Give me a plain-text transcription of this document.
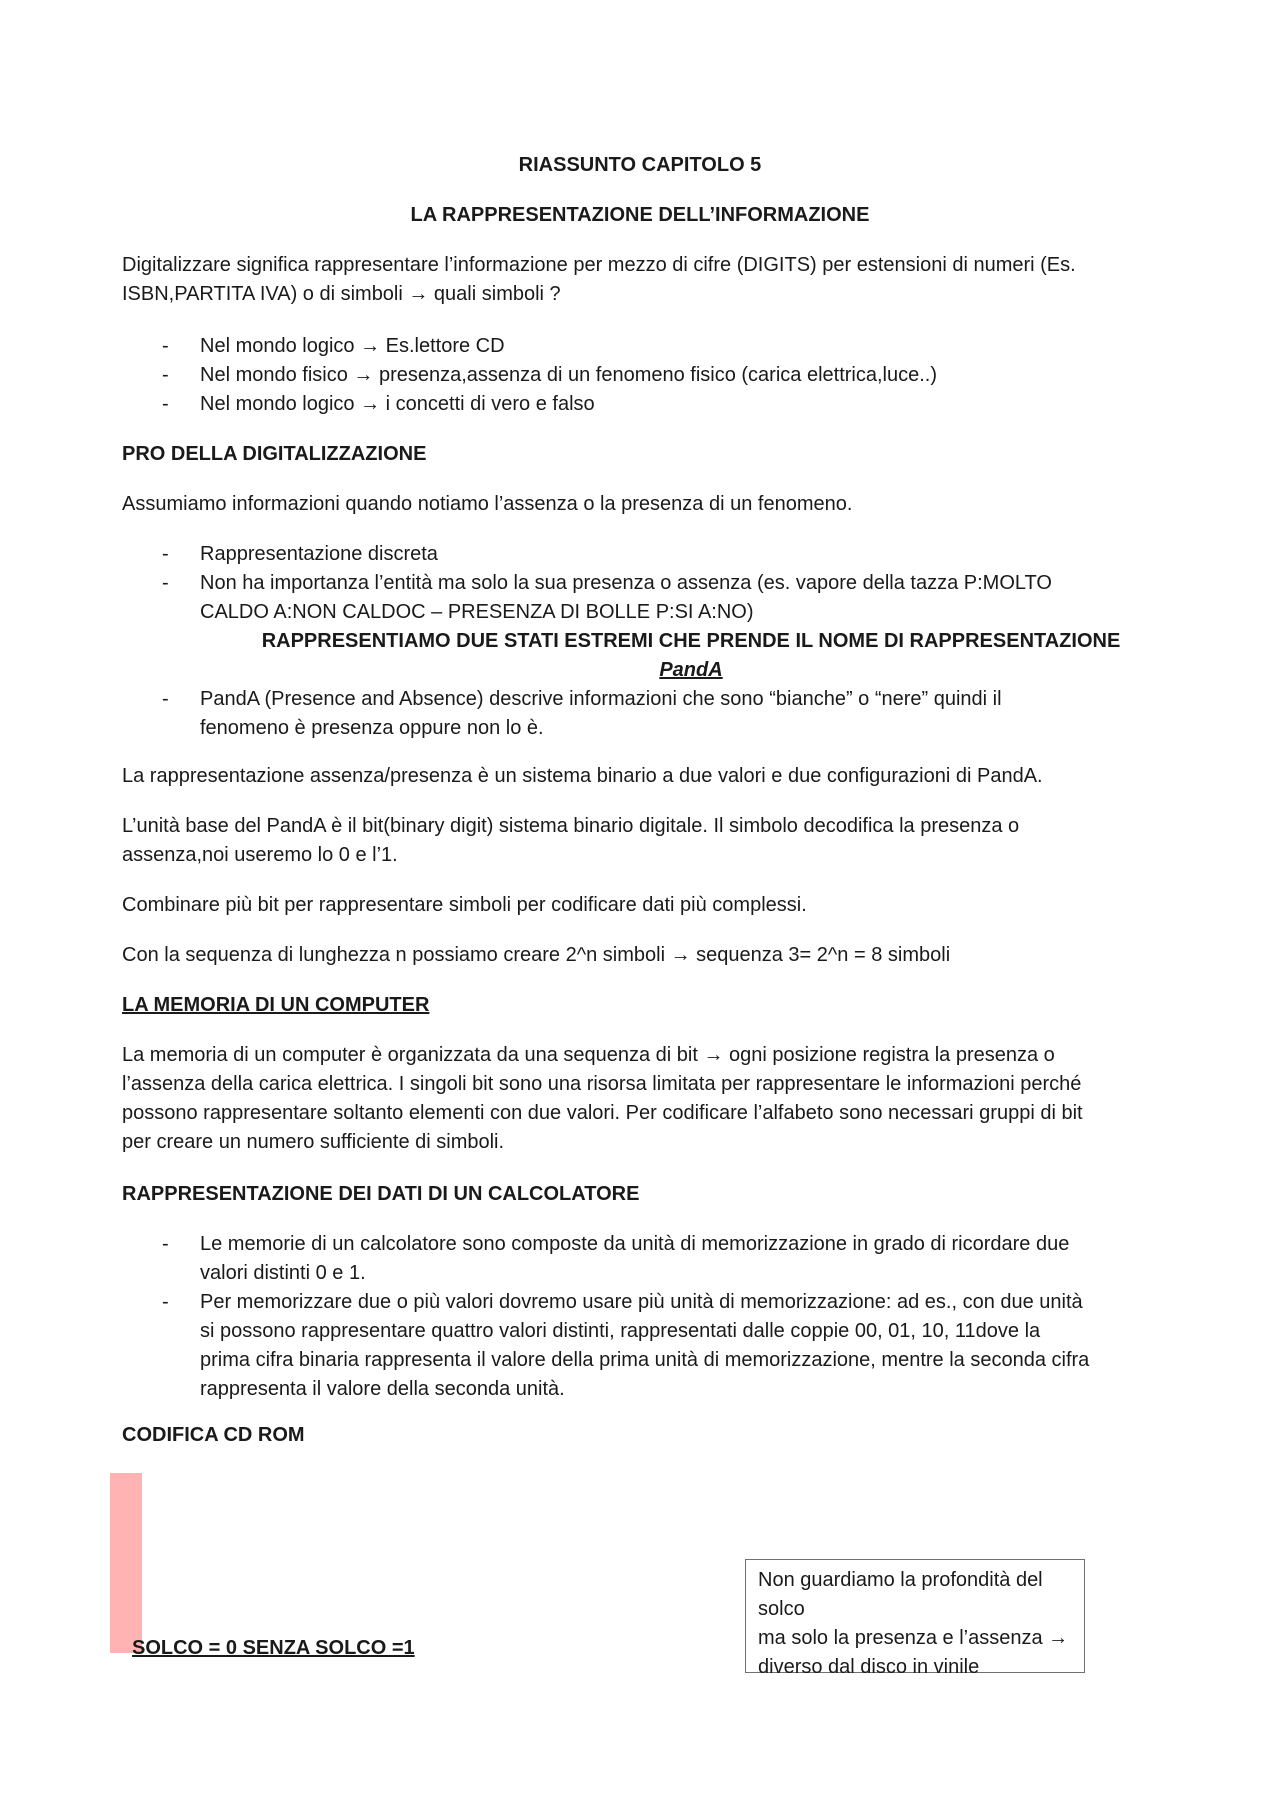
RIASSUNTO CAPITOLO 5
LA RAPPRESENTAZIONE DELL’INFORMAZIONE
Digitalizzare significa rappresentare l’informazione per mezzo di cifre (DIGITS) per estensioni di numeri (Es.
ISBN,PARTITA IVA) o di simboli → quali simboli ?
- Nel mondo logico → Es.lettore CD
- Nel mondo fisico → presenza,assenza di un fenomeno fisico (carica elettrica,luce..)
- Nel mondo logico → i concetti di vero e falso
PRO DELLA DIGITALIZZAZIONE
Assumiamo informazioni quando notiamo l’assenza o la presenza di un fenomeno.
- Rappresentazione discreta
- Non ha importanza l’entità ma solo la sua presenza o assenza (es. vapore della tazza P:MOLTO
CALDO A:NON CALDOC – PRESENZA DI BOLLE P:SI A:NO)
RAPPRESENTIAMO DUE STATI ESTREMI CHE PRENDE IL NOME DI RAPPRESENTAZIONE
PandA
- PandA (Presence and Absence) descrive informazioni che sono “bianche” o “nere” quindi il
fenomeno è presenza oppure non lo è.
La rappresentazione assenza/presenza è un sistema binario a due valori e due configurazioni di PandA.
L’unità base del PandA è il bit(binary digit) sistema binario digitale. Il simbolo decodifica la presenza o
assenza,noi useremo lo 0 e l’1.
Combinare più bit per rappresentare simboli per codificare dati più complessi.
Con la sequenza di lunghezza n possiamo creare 2^n simboli → sequenza 3= 2^n = 8 simboli
LA MEMORIA DI UN COMPUTER
La memoria di un computer è organizzata da una sequenza di bit → ogni posizione registra la presenza o
l’assenza della carica elettrica. I singoli bit sono una risorsa limitata per rappresentare le informazioni perché
possono rappresentare soltanto elementi con due valori. Per codificare l’alfabeto sono necessari gruppi di bit
per creare un numero sufficiente di simboli.
RAPPRESENTAZIONE DEI DATI DI UN CALCOLATORE
- Le memorie di un calcolatore sono composte da unità di memorizzazione in grado di ricordare due
valori distinti 0 e 1.
- Per memorizzare due o più valori dovremo usare più unità di memorizzazione: ad es., con due unità
si possono rappresentare quattro valori distinti, rappresentati dalle coppie 00, 01, 10, 11dove la
prima cifra binaria rappresenta il valore della prima unità di memorizzazione, mentre la seconda cifra
rappresenta il valore della seconda unità.
CODIFICA CD ROM
SOLCO = 0 SENZA SOLCO =1
Non guardiamo la profondità del solco
ma solo la presenza e l’assenza →
diverso dal disco in vinile
